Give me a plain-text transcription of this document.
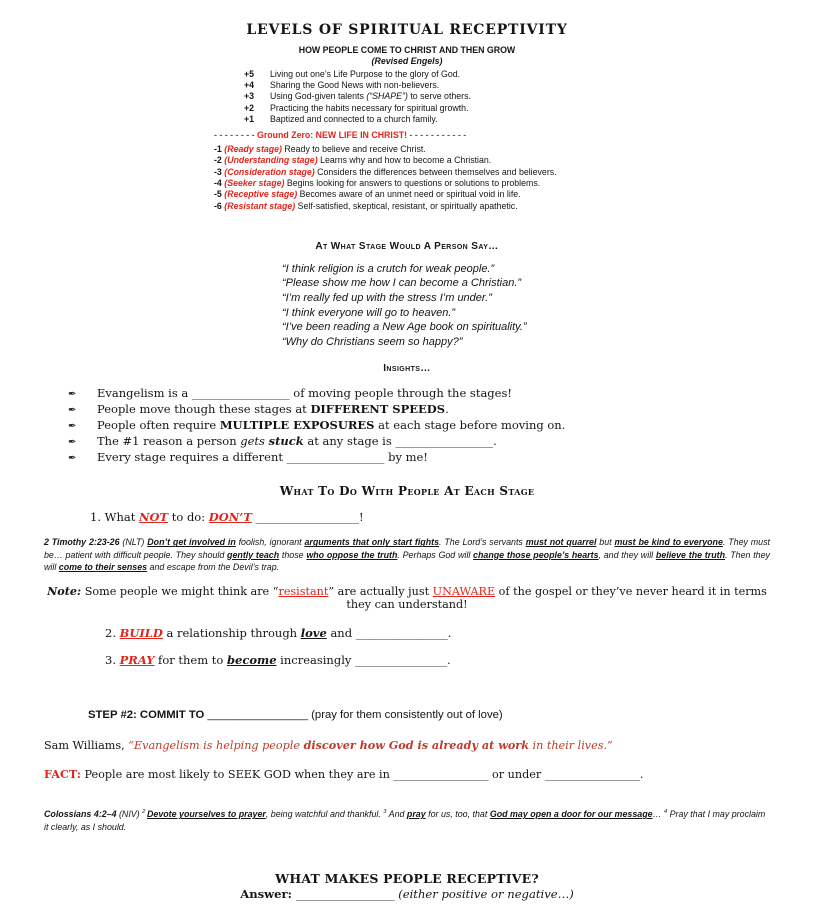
LEVELS OF SPIRITUAL RECEPTIVITY
HOW PEOPLE COME TO CHRIST AND THEN GROW
(Revised Engels)
+5	Living out one’s Life Purpose to the glory of God.
+4	Sharing the Good News with non-believers.
+3	Using God-given talents (“SHAPE”) to serve others.
+2	Practicing the habits necessary for spiritual growth.
+1	Baptized and connected to a church family.
- - - - - - - - Ground Zero: NEW LIFE IN CHRIST! - - - - - - - - - - -
-1 (Ready stage) Ready to believe and receive Christ.
-2 (Understanding stage) Learns why and how to become a Christian.
-3 (Consideration stage) Considers the differences between themselves and believers.
-4 (Seeker stage) Begins looking for answers to questions or solutions to problems.
-5 (Receptive stage) Becomes aware of an unmet need or spiritual void in life.
-6 (Resistant stage) Self-satisfied, skeptical, resistant, or spiritually apathetic.
At What Stage Would A Person Say…
“I think religion is a crutch for weak people.”
“Please show me how I can become a Christian.”
“I’m really fed up with the stress I’m under.”
“I think everyone will go to heaven.”
“I’ve been reading a New Age book on spirituality.”
“Why do Christians seem so happy?”
Insights…
✒	Evangelism is a _________________ of moving people through the stages!
✒	People move though these stages at DIFFERENT SPEEDS.
✒	People often require MULTIPLE EXPOSURES at each stage before moving on.
✒	The #1 reason a person gets stuck at any stage is _________________.
✒	Every stage requires a different _________________ by me!
What To Do With People At Each Stage
1. What NOT to do: DON’T __________________!
2 Timothy 2:23-26 (NLT) Don’t get involved in foolish, ignorant arguments that only start fights. The Lord’s servants must not quarrel but must be kind to everyone. They must be… patient with difficult people. They should gently teach those who oppose the truth. Perhaps God will change those people’s hearts, and they will believe the truth. Then they will come to their senses and escape from the Devil’s trap.
Note: Some people we might think are “resistant” are actually just UNAWARE of the gospel or they’ve never heard it in terms they can understand!
2. BUILD a relationship through love and ________________.
3. PRAY for them to become increasingly ________________.
STEP #2: COMMIT TO ________________ (pray for them consistently out of love)
Sam Williams, “Evangelism is helping people discover how God is already at work in their lives.”
FACT: People are most likely to SEEK GOD when they are in _________________ or under _________________.
Colossians 4:2–4 (NIV) $^2$ Devote yourselves to prayer, being watchful and thankful. $^3$ And pray for us, too, that God may open a door for our message… $^4$ Pray that I may proclaim it clearly, as I should.
WHAT MAKES PEOPLE RECEPTIVE?
Answer: _________________ (either positive or negative…)
